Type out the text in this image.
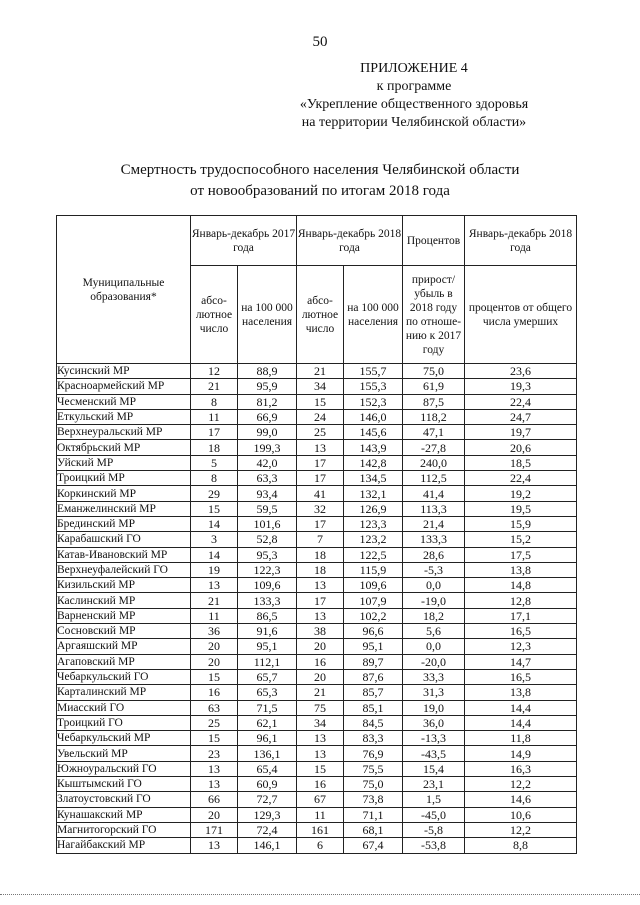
50
ПРИЛОЖЕНИЕ 4
к программе
«Укрепление общественного здоровья
на территории Челябинской области»
Смертность трудоспособного населения Челябинской области
от новообразований по итогам 2018 года
Муниципальные образования*	Январь-декабрь 2017 года		Январь-декабрь 2018 года		Процентов	Январь-декабрь 2018 года
	абсолютное число	на 100 000 населения	абсолютное число	на 100 000 населения	прирост/ убыль в 2018 году по отношению к 2017 году	процентов от общего числа умерших
Кусинский МР	12	88,9	21	155,7	75,0	23,6
Красноармейский МР	21	95,9	34	155,3	61,9	19,3
Чесменский МР	8	81,2	15	152,3	87,5	22,4
Еткульский МР	11	66,9	24	146,0	118,2	24,7
Верхнеуральский МР	17	99,0	25	145,6	47,1	19,7
Октябрьский МР	18	199,3	13	143,9	-27,8	20,6
Уйский МР	5	42,0	17	142,8	240,0	18,5
Троицкий МР	8	63,3	17	134,5	112,5	22,4
Коркинский МР	29	93,4	41	132,1	41,4	19,2
Еманжелинский МР	15	59,5	32	126,9	113,3	19,5
Брединский МР	14	101,6	17	123,3	21,4	15,9
Карабашский ГО	3	52,8	7	123,2	133,3	15,2
Катав-Ивановский МР	14	95,3	18	122,5	28,6	17,5
Верхнеуфалейский ГО	19	122,3	18	115,9	-5,3	13,8
Кизильский МР	13	109,6	13	109,6	0,0	14,8
Каслинский МР	21	133,3	17	107,9	-19,0	12,8
Варненский МР	11	86,5	13	102,2	18,2	17,1
Сосновский МР	36	91,6	38	96,6	5,6	16,5
Аргаяшский МР	20	95,1	20	95,1	0,0	12,3
Агаповский МР	20	112,1	16	89,7	-20,0	14,7
Чебаркульский ГО	15	65,7	20	87,6	33,3	16,5
Карталинский МР	16	65,3	21	85,7	31,3	13,8
Миасский ГО	63	71,5	75	85,1	19,0	14,4
Троицкий ГО	25	62,1	34	84,5	36,0	14,4
Чебаркульский МР	15	96,1	13	83,3	-13,3	11,8
Увельский МР	23	136,1	13	76,9	-43,5	14,9
Южноуральский ГО	13	65,4	15	75,5	15,4	16,3
Кыштымский ГО	13	60,9	16	75,0	23,1	12,2
Златоустовский ГО	66	72,7	67	73,8	1,5	14,6
Кунашакский МР	20	129,3	11	71,1	-45,0	10,6
Магнитогорский ГО	171	72,4	161	68,1	-5,8	12,2
Нагайбакский МР	13	146,1	6	67,4	-53,8	8,8
